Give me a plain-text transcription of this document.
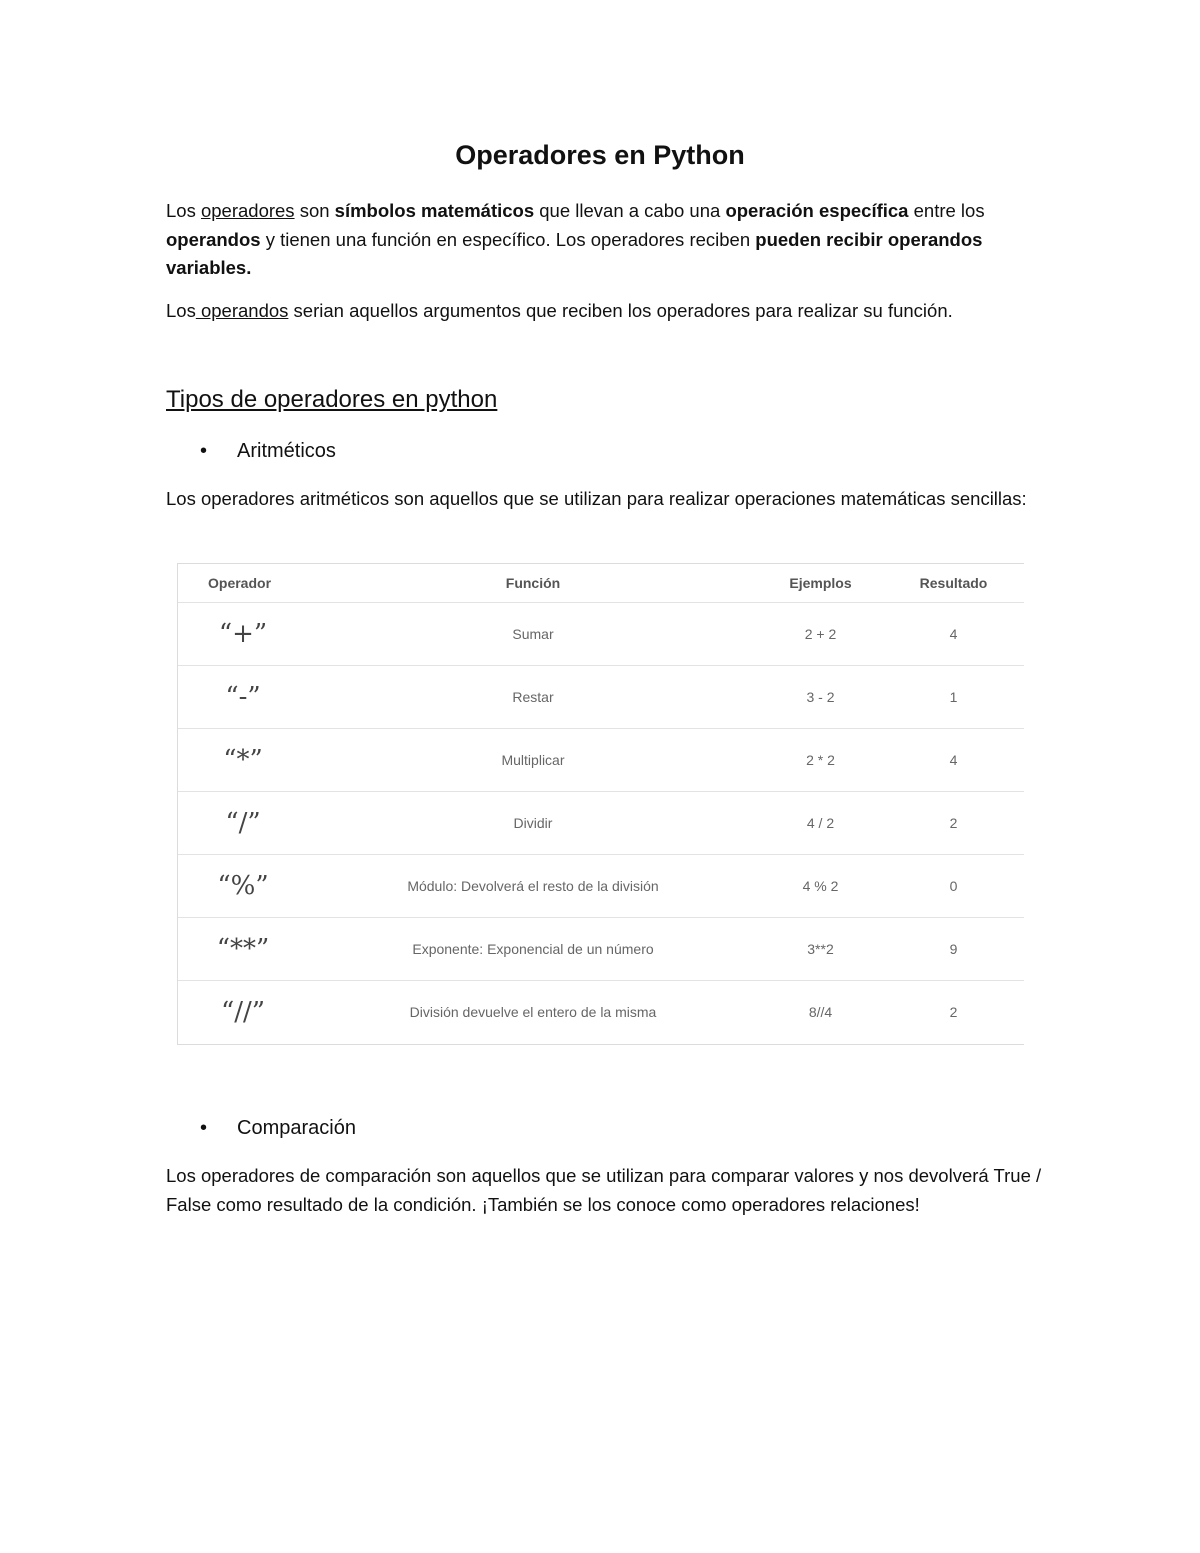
Operadores en Python

Los operadores son símbolos matemáticos que llevan a cabo una operación específica entre los operandos y tienen una función en específico. Los operadores reciben pueden recibir operandos variables.

Los operandos serian aquellos argumentos que reciben los operadores para realizar su función.

Tipos de operadores en python
• Aritméticos

Los operadores aritméticos son aquellos que se utilizan para realizar operaciones matemáticas sencillas:

Operador	Función	Ejemplos	Resultado
“+”	Sumar	2 + 2	4
“-”	Restar	3 - 2	1
“*”	Multiplicar	2 * 2	4
“/”	Dividir	4 / 2	2
“%”	Módulo: Devolverá el resto de la división	4 % 2	0
“**”	Exponente: Exponencial de un número	3**2	9
“//”	División devuelve el entero de la misma	8//4	2
• Comparación

Los operadores de comparación son aquellos que se utilizan para comparar valores y nos devolverá True / False como resultado de la condición. ¡También se los conoce como operadores relaciones!
